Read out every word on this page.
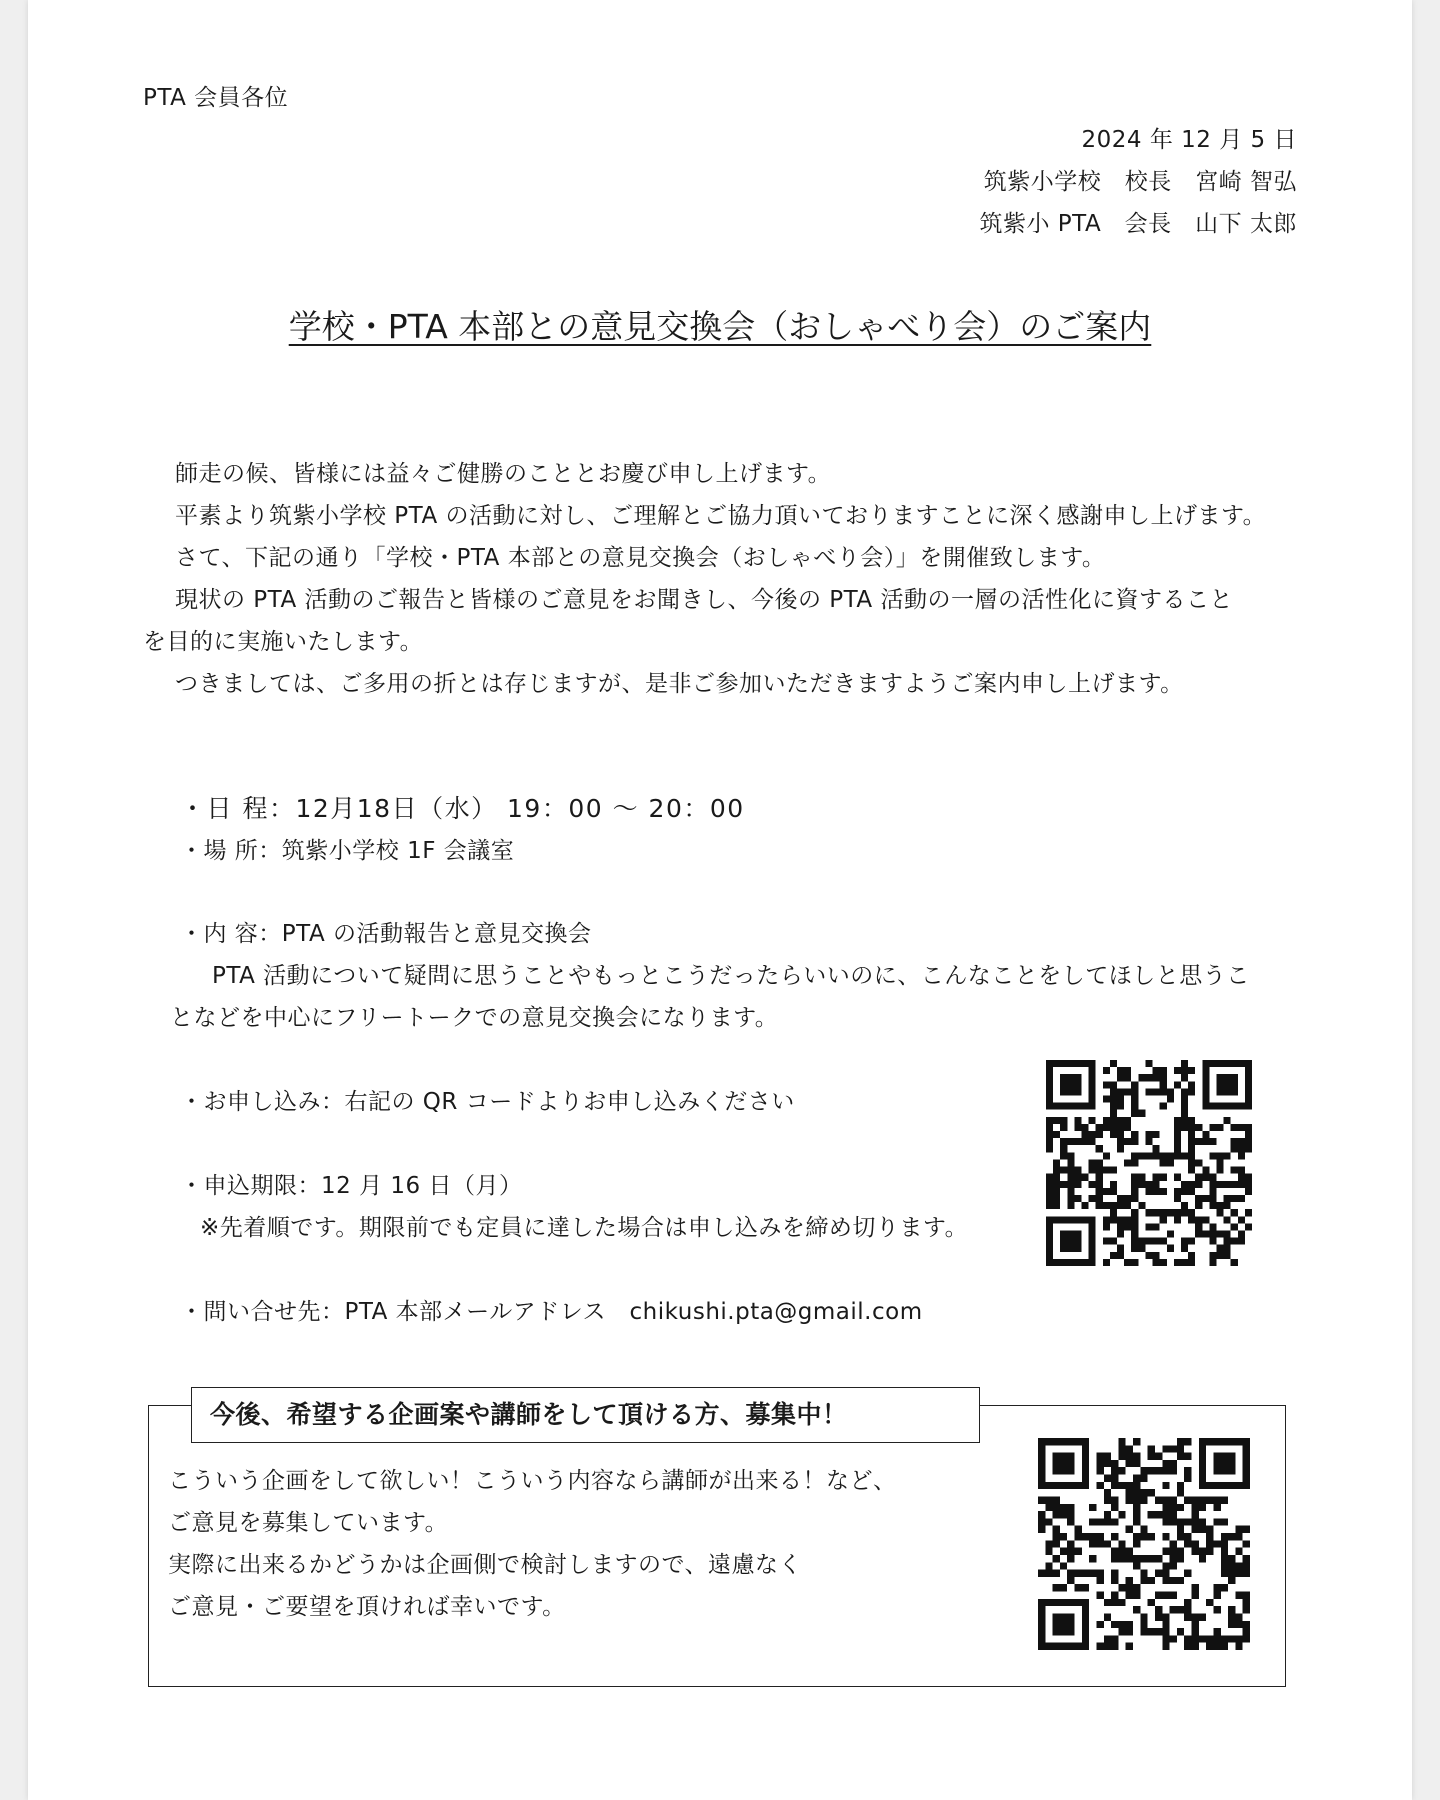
PTA 会員各位
2024 年 12 月 5 日
筑紫小学校　校長　宮崎 智弘
筑紫小 PTA　会長　山下 太郎
学校・PTA 本部との意見交換会（おしゃべり会）のご案内
師走の候、皆様には益々ご健勝のこととお慶び申し上げます。
平素より筑紫小学校 PTA の活動に対し、ご理解とご協力頂いておりますことに深く感謝申し上げます。
さて、下記の通り「学校・PTA 本部との意見交換会（おしゃべり会）」を開催致します。
現状の PTA 活動のご報告と皆様のご意見をお聞きし、今後の PTA 活動の一層の活性化に資すること
を目的に実施いたします。
つきましては、ご多用の折とは存じますが、是非ご参加いただきますようご案内申し上げます。
・日 程：12月18日（水） 19：00 ～ 20：00
・場 所：筑紫小学校 1F 会議室
・内 容：PTA の活動報告と意見交換会
PTA 活動について疑問に思うことやもっとこうだったらいいのに、こんなことをしてほしと思うこ
となどを中心にフリートークでの意見交換会になります。
・お申し込み：右記の QR コードよりお申し込みください
・申込期限：12 月 16 日（月）
※先着順です。期限前でも定員に達した場合は申し込みを締め切ります。
・問い合せ先：PTA 本部メールアドレス　chikushi.pta@gmail.com
今後、希望する企画案や講師をして頂ける方、募集中！
こういう企画をして欲しい！こういう内容なら講師が出来る！など、
ご意見を募集しています。
実際に出来るかどうかは企画側で検討しますので、遠慮なく
ご意見・ご要望を頂ければ幸いです。
